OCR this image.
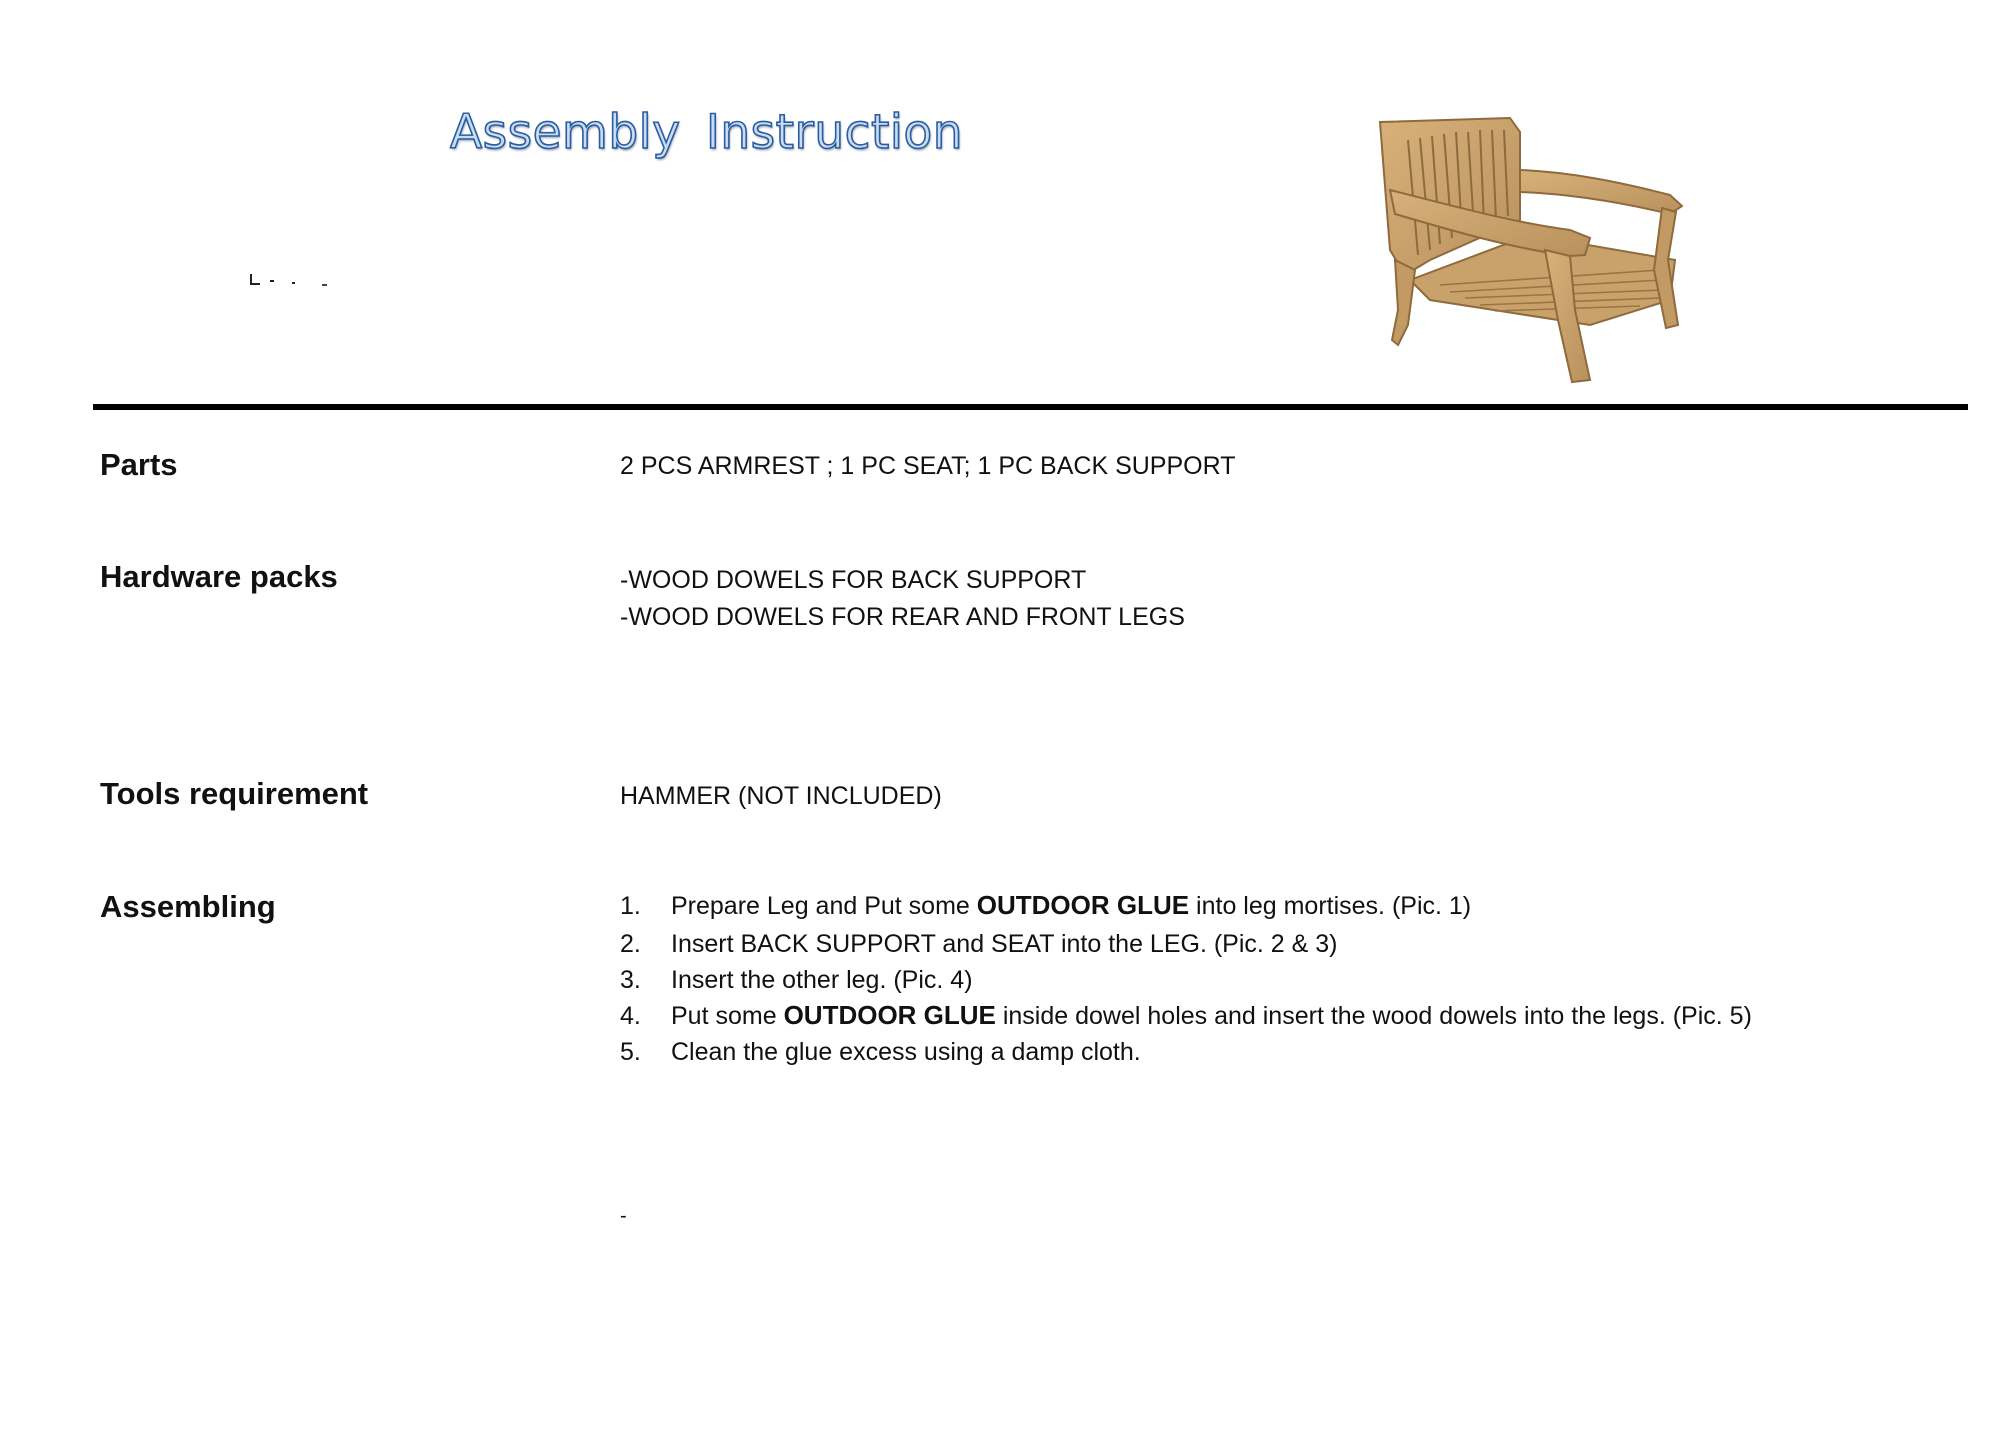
Assembly Instruction
Parts	2 PCS ARMREST ; 1 PC SEAT; 1 PC BACK SUPPORT
Hardware packs	-WOOD DOWELS FOR BACK SUPPORT
-WOOD DOWELS FOR REAR AND FRONT LEGS
Tools requirement	HAMMER (NOT INCLUDED)
Assembling	1.	Prepare Leg and Put some OUTDOOR GLUE into leg mortises. (Pic. 1)
2.	Insert BACK SUPPORT and SEAT into the LEG. (Pic. 2 & 3)
3.	Insert the other leg. (Pic. 4)
4.	Put some OUTDOOR GLUE inside dowel holes and insert the wood dowels into the legs. (Pic. 5)
5.	Clean the glue excess using a damp cloth.
-
